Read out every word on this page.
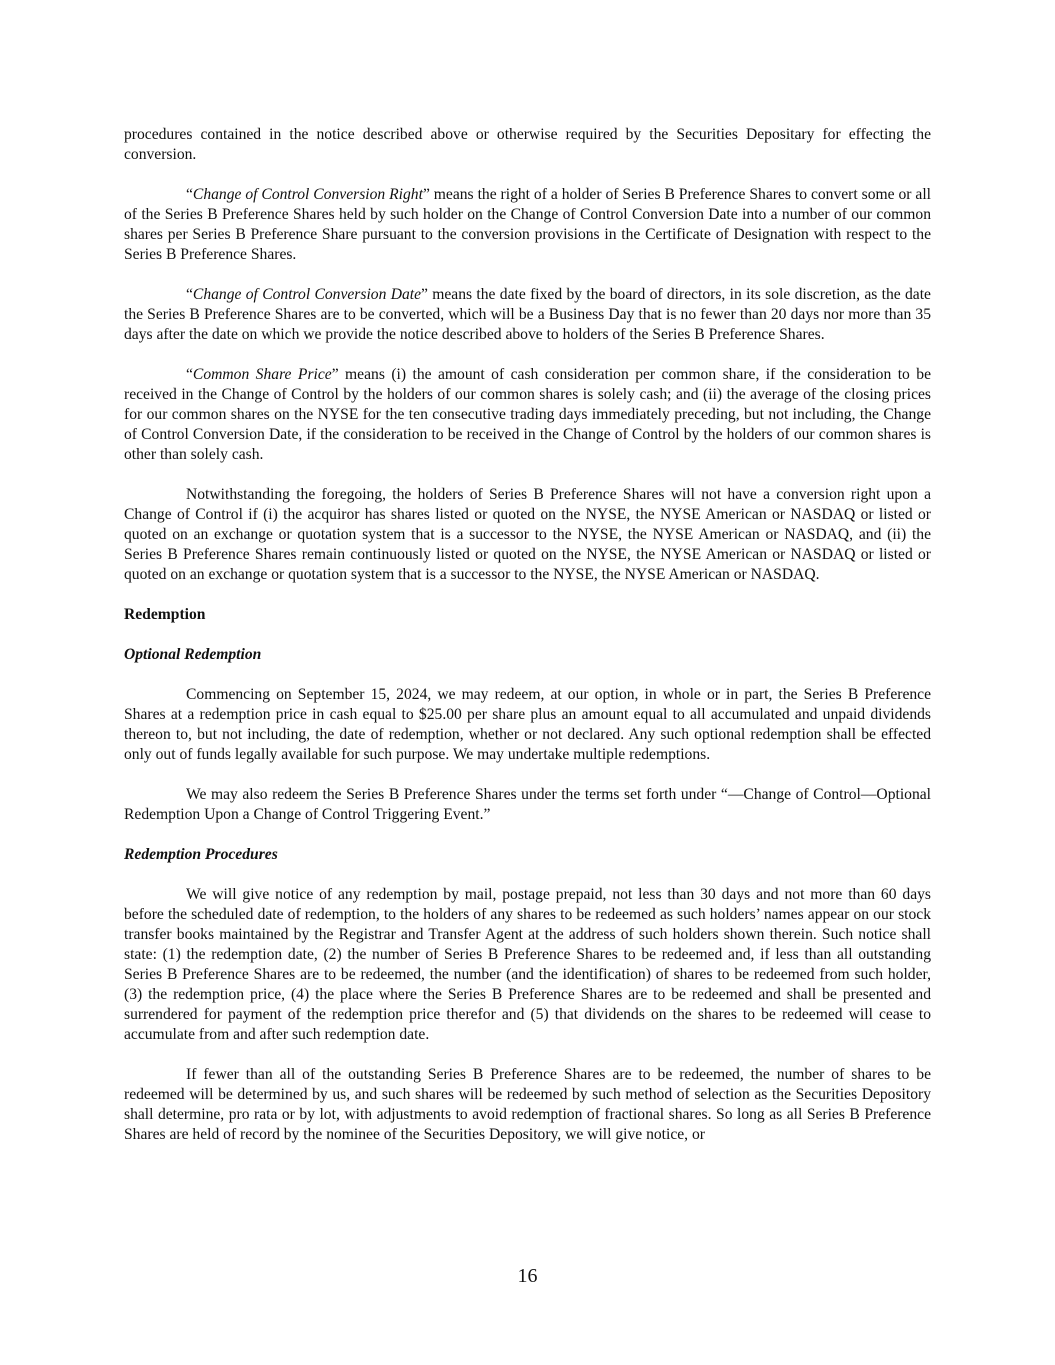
procedures contained in the notice described above or otherwise required by the Securities Depositary for effecting the conversion.

“Change of Control Conversion Right” means the right of a holder of Series B Preference Shares to convert some or all of the Series B Preference Shares held by such holder on the Change of Control Conversion Date into a number of our common shares per Series B Preference Share pursuant to the conversion provisions in the Certificate of Designation with respect to the Series B Preference Shares.

“Change of Control Conversion Date” means the date fixed by the board of directors, in its sole discretion, as the date the Series B Preference Shares are to be converted, which will be a Business Day that is no fewer than 20 days nor more than 35 days after the date on which we provide the notice described above to holders of the Series B Preference Shares.

“Common Share Price” means (i) the amount of cash consideration per common share, if the consideration to be received in the Change of Control by the holders of our common shares is solely cash; and (ii) the average of the closing prices for our common shares on the NYSE for the ten consecutive trading days immediately preceding, but not including, the Change of Control Conversion Date, if the consideration to be received in the Change of Control by the holders of our common shares is other than solely cash.

Notwithstanding the foregoing, the holders of Series B Preference Shares will not have a conversion right upon a Change of Control if (i) the acquiror has shares listed or quoted on the NYSE, the NYSE American or NASDAQ or listed or quoted on an exchange or quotation system that is a successor to the NYSE, the NYSE American or NASDAQ, and (ii) the Series B Preference Shares remain continuously listed or quoted on the NYSE, the NYSE American or NASDAQ or listed or quoted on an exchange or quotation system that is a successor to the NYSE, the NYSE American or NASDAQ.

Redemption

Optional Redemption

Commencing on September 15, 2024, we may redeem, at our option, in whole or in part, the Series B Preference Shares at a redemption price in cash equal to $25.00 per share plus an amount equal to all accumulated and unpaid dividends thereon to, but not including, the date of redemption, whether or not declared. Any such optional redemption shall be effected only out of funds legally available for such purpose. We may undertake multiple redemptions.

We may also redeem the Series B Preference Shares under the terms set forth under “—Change of Control—Optional Redemption Upon a Change of Control Triggering Event.”

Redemption Procedures

We will give notice of any redemption by mail, postage prepaid, not less than 30 days and not more than 60 days before the scheduled date of redemption, to the holders of any shares to be redeemed as such holders’ names appear on our stock transfer books maintained by the Registrar and Transfer Agent at the address of such holders shown therein. Such notice shall state: (1) the redemption date, (2) the number of Series B Preference Shares to be redeemed and, if less than all outstanding Series B Preference Shares are to be redeemed, the number (and the identification) of shares to be redeemed from such holder, (3) the redemption price, (4) the place where the Series B Preference Shares are to be redeemed and shall be presented and surrendered for payment of the redemption price therefor and (5) that dividends on the shares to be redeemed will cease to accumulate from and after such redemption date.

If fewer than all of the outstanding Series B Preference Shares are to be redeemed, the number of shares to be redeemed will be determined by us, and such shares will be redeemed by such method of selection as the Securities Depository shall determine, pro rata or by lot, with adjustments to avoid redemption of fractional shares. So long as all Series B Preference Shares are held of record by the nominee of the Securities Depository, we will give notice, or

16
